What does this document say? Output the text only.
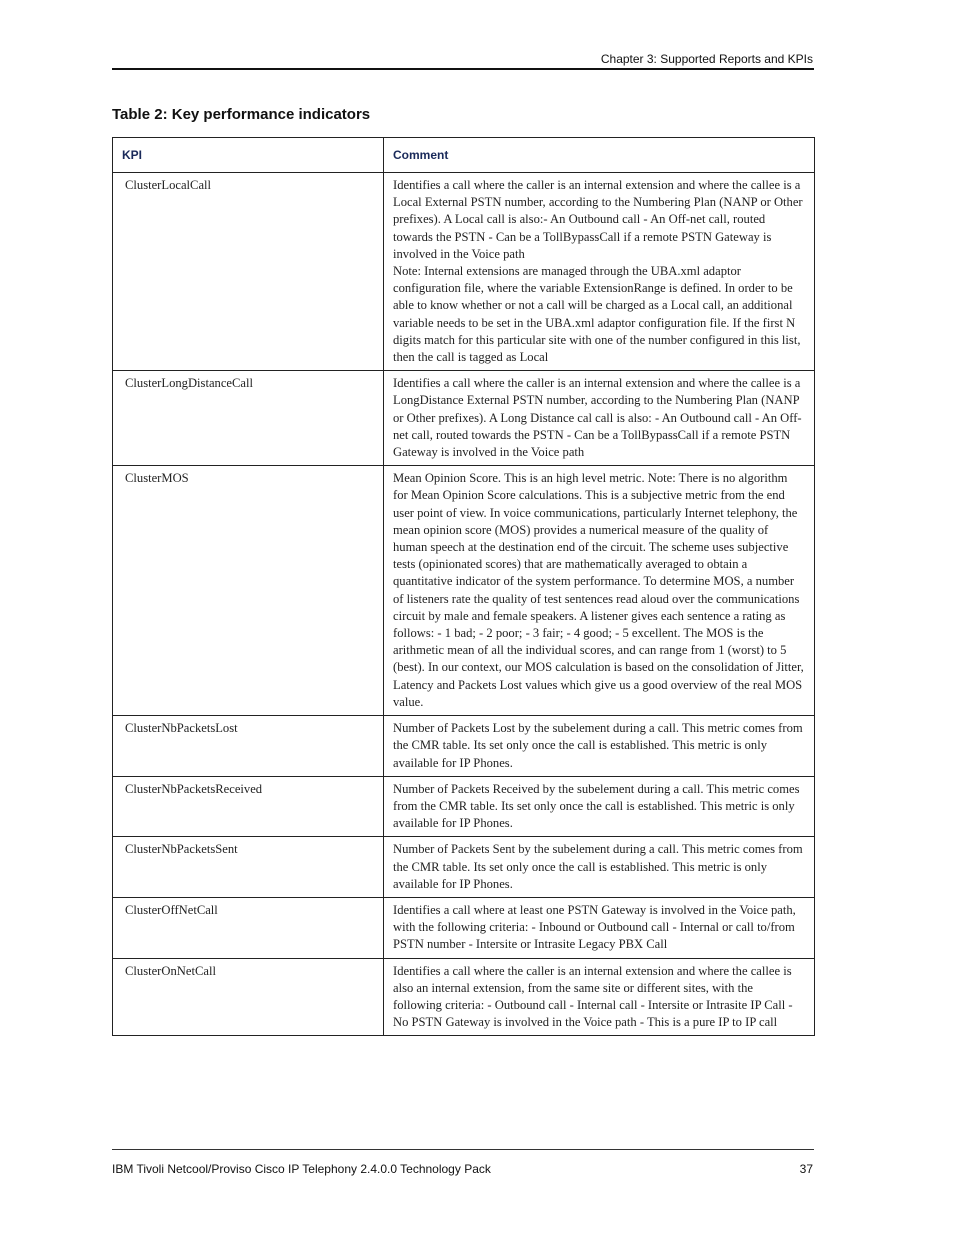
Chapter 3: Supported Reports and KPIs
Table 2: Key performance indicators
KPI	Comment
ClusterLocalCall	Identifies a call where the caller is an internal extension and where the callee is a Local External PSTN number, according to the Numbering Plan (NANP or Other prefixes). A Local call is also:- An Outbound call - An Off-net call, routed towards the PSTN - Can be a TollBypassCall if a remote PSTN Gateway is involved in the Voice path
Note: Internal extensions are managed through the UBA.xml adaptor configuration file, where the variable ExtensionRange is defined. In order to be able to know whether or not a call will be charged as a Local call, an additional variable needs to be set in the UBA.xml adaptor configuration file. If the first N digits match for this particular site with one of the number configured in this list, then the call is tagged as Local

ClusterLongDistanceCall	Identifies a call where the caller is an internal extension and where the callee is a LongDistance External PSTN number, according to the Numbering Plan (NANP or Other prefixes). A Long Distance cal call is also: - An Outbound call - An Off-net call, routed towards the PSTN - Can be a TollBypassCall if a remote PSTN Gateway is involved in the Voice path
ClusterMOS	Mean Opinion Score. This is an high level metric. Note: There is no algorithm for Mean Opinion Score calculations. This is a subjective metric from the end user point of view. In voice communications, particularly Internet telephony, the mean opinion score (MOS) provides a numerical measure of the quality of human speech at the destination end of the circuit. The scheme uses subjective tests (opinionated scores) that are mathematically averaged to obtain a quantitative indicator of the system performance. To determine MOS, a number of listeners rate the quality of test sentences read aloud over the communications circuit by male and female speakers. A listener gives each sentence a rating as follows: - 1 bad; - 2 poor; - 3 fair; - 4 good; - 5 excellent. The MOS is the arithmetic mean of all the individual scores, and can range from 1 (worst) to 5 (best). In our context, our MOS calculation is based on the consolidation of Jitter, Latency and Packets Lost values which give us a good overview of the real MOS value.
ClusterNbPacketsLost	Number of Packets Lost by the subelement during a call. This metric comes from the CMR table. Its set only once the call is established. This metric is only available for IP Phones.
ClusterNbPacketsReceived	Number of Packets Received by the subelement during a call. This metric comes from the CMR table. Its set only once the call is established. This metric is only available for IP Phones.
ClusterNbPacketsSent	Number of Packets Sent by the subelement during a call. This metric comes from the CMR table. Its set only once the call is established. This metric is only available for IP Phones.
ClusterOffNetCall	Identifies a call where at least one PSTN Gateway is involved in the Voice path, with the following criteria: - Inbound or Outbound call - Internal or call to/from PSTN number - Intersite or Intrasite Legacy PBX Call
ClusterOnNetCall	Identifies a call where the caller is an internal extension and where the callee is also an internal extension, from the same site or different sites, with the following criteria: - Outbound call - Internal call - Intersite or Intrasite IP Call - No PSTN Gateway is involved in the Voice path - This is a pure IP to IP call
IBM Tivoli Netcool/Proviso Cisco IP Telephony 2.4.0.0 Technology Pack	37
